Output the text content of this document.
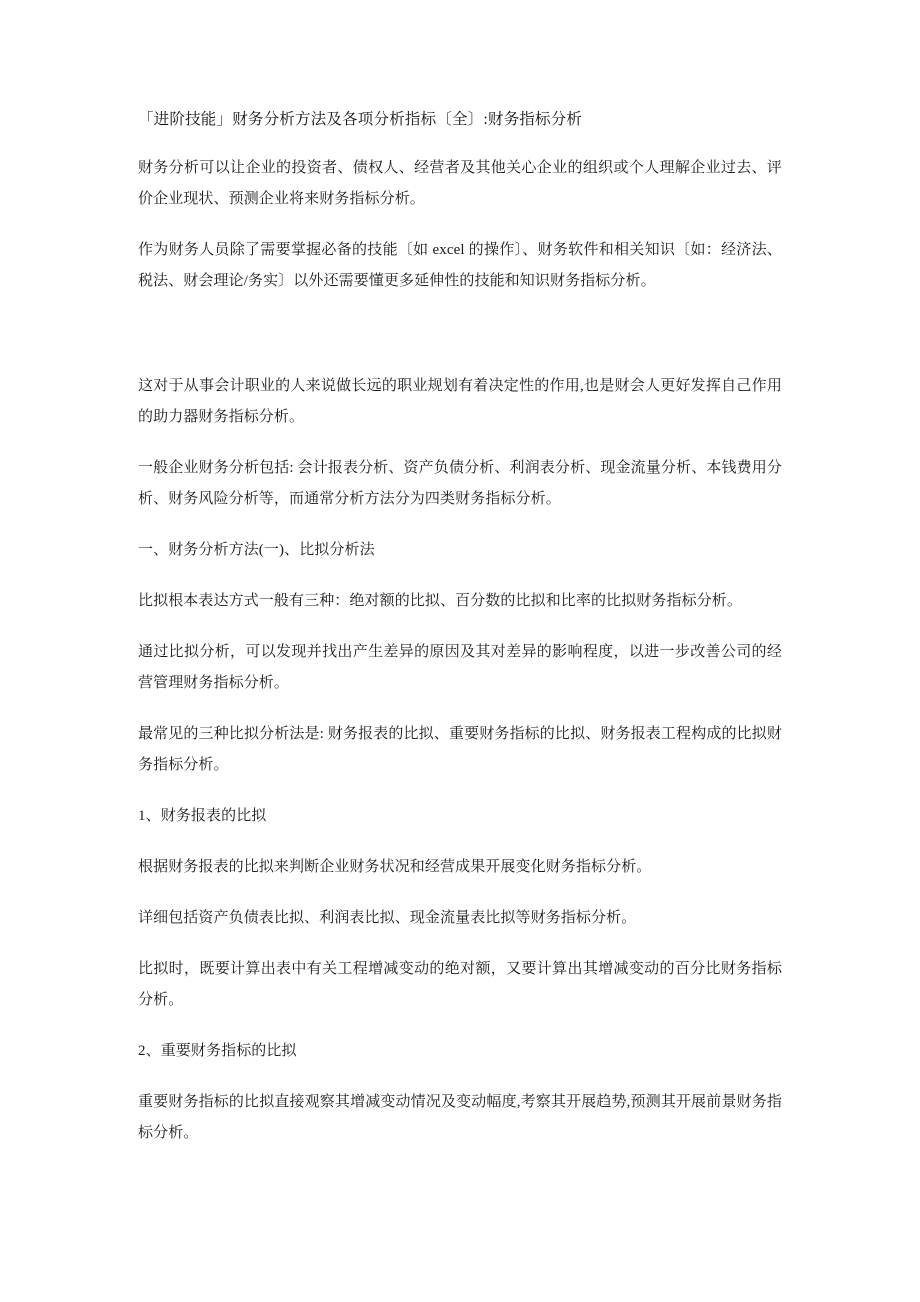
「进阶技能」财务分析方法及各项分析指标〔全〕:财务指标分析

财务分析可以让企业的投资者、债权人、经营者及其他关心企业的组织或个人理解企业过去、评价企业现状、预测企业将来财务指标分析。

作为财务人员除了需要掌握必备的技能〔如 excel 的操作〕、财务软件和相关知识〔如：经济法、税法、财会理论/务实〕以外还需要懂更多延伸性的技能和知识财务指标分析。

这对于从事会计职业的人来说做长远的职业规划有着决定性的作用,也是财会人更好发挥自己作用的助力器财务指标分析。

一般企业财务分析包括: 会计报表分析、资产负债分析、利润表分析、现金流量分析、本钱费用分析、财务风险分析等，而通常分析方法分为四类财务指标分析。

一、财务分析方法(一)、比拟分析法

比拟根本表达方式一般有三种：绝对额的比拟、百分数的比拟和比率的比拟财务指标分析。

通过比拟分析，可以发现并找出产生差异的原因及其对差异的影响程度，以进一步改善公司的经营管理财务指标分析。

最常见的三种比拟分析法是: 财务报表的比拟、重要财务指标的比拟、财务报表工程构成的比拟财务指标分析。

1、财务报表的比拟

根据财务报表的比拟来判断企业财务状况和经营成果开展变化财务指标分析。

详细包括资产负债表比拟、利润表比拟、现金流量表比拟等财务指标分析。

比拟时，既要计算出表中有关工程增减变动的绝对额，又要计算出其增减变动的百分比财务指标分析。

2、重要财务指标的比拟

重要财务指标的比拟直接观察其增减变动情况及变动幅度,考察其开展趋势,预测其开展前景财务指标分析。
